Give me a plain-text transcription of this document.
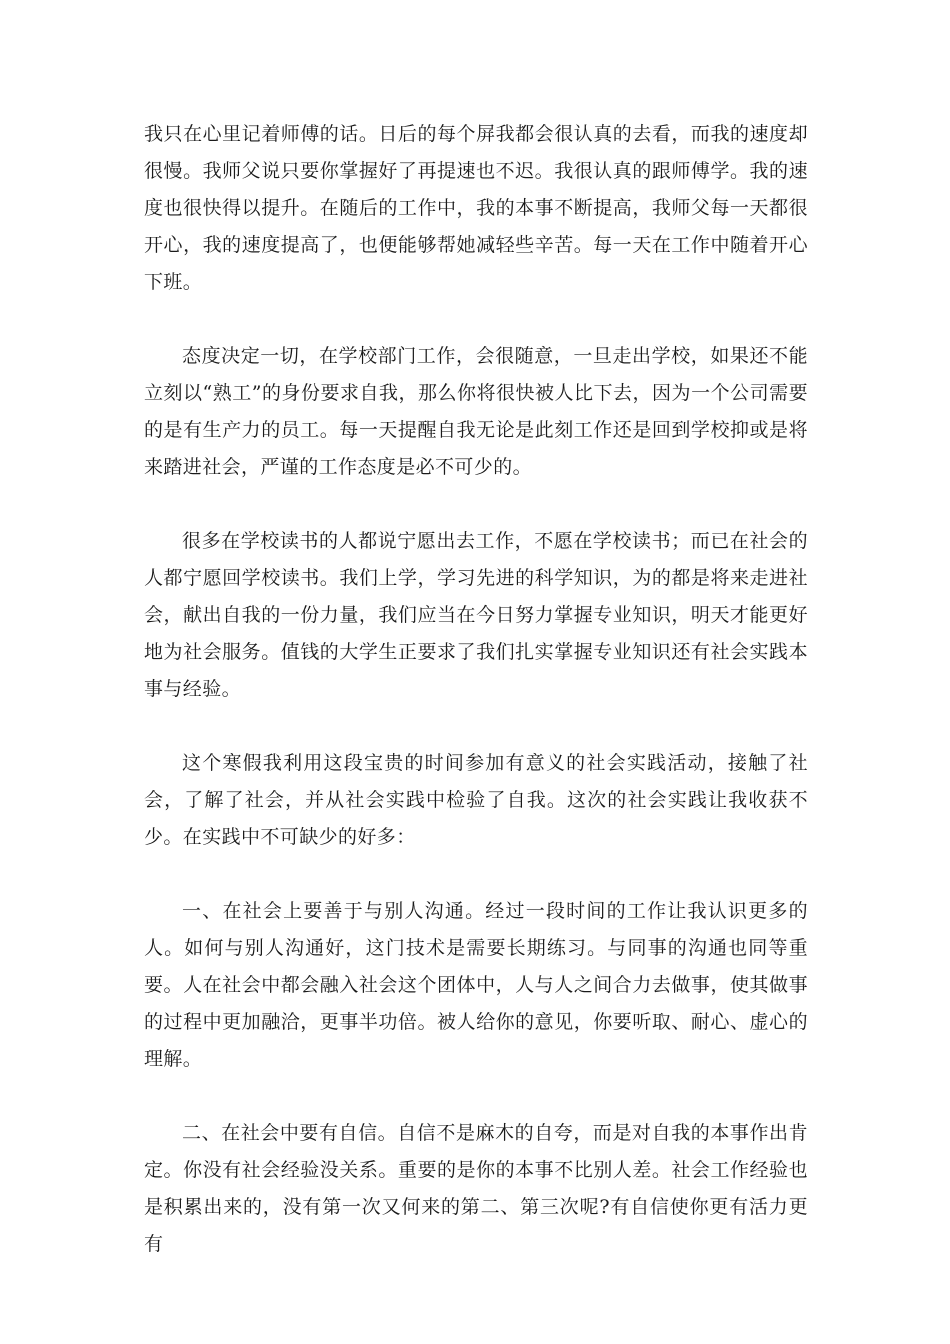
我只在心里记着师傅的话。日后的每个屏我都会很认真的去看，而我的速度却很慢。我师父说只要你掌握好了再提速也不迟。我很认真的跟师傅学。我的速度也很快得以提升。在随后的工作中，我的本事不断提高，我师父每一天都很开心，我的速度提高了，也便能够帮她减轻些辛苦。每一天在工作中随着开心下班。

态度决定一切，在学校部门工作，会很随意，一旦走出学校，如果还不能立刻以“熟工”的身份要求自我，那么你将很快被人比下去，因为一个公司需要的是有生产力的员工。每一天提醒自我无论是此刻工作还是回到学校抑或是将来踏进社会，严谨的工作态度是必不可少的。

很多在学校读书的人都说宁愿出去工作，不愿在学校读书；而已在社会的人都宁愿回学校读书。我们上学，学习先进的科学知识，为的都是将来走进社会，献出自我的一份力量，我们应当在今日努力掌握专业知识，明天才能更好地为社会服务。值钱的大学生正要求了我们扎实掌握专业知识还有社会实践本事与经验。

这个寒假我利用这段宝贵的时间参加有意义的社会实践活动，接触了社会，了解了社会，并从社会实践中检验了自我。这次的社会实践让我收获不少。在实践中不可缺少的好多：

一、在社会上要善于与别人沟通。经过一段时间的工作让我认识更多的人。如何与别人沟通好，这门技术是需要长期练习。与同事的沟通也同等重要。人在社会中都会融入社会这个团体中，人与人之间合力去做事，使其做事的过程中更加融洽，更事半功倍。被人给你的意见，你要听取、耐心、虚心的理解。

二、在社会中要有自信。自信不是麻木的自夸，而是对自我的本事作出肯定。你没有社会经验没关系。重要的是你的本事不比别人差。社会工作经验也是积累出来的，没有第一次又何来的第二、第三次呢?有自信使你更有活力更有
